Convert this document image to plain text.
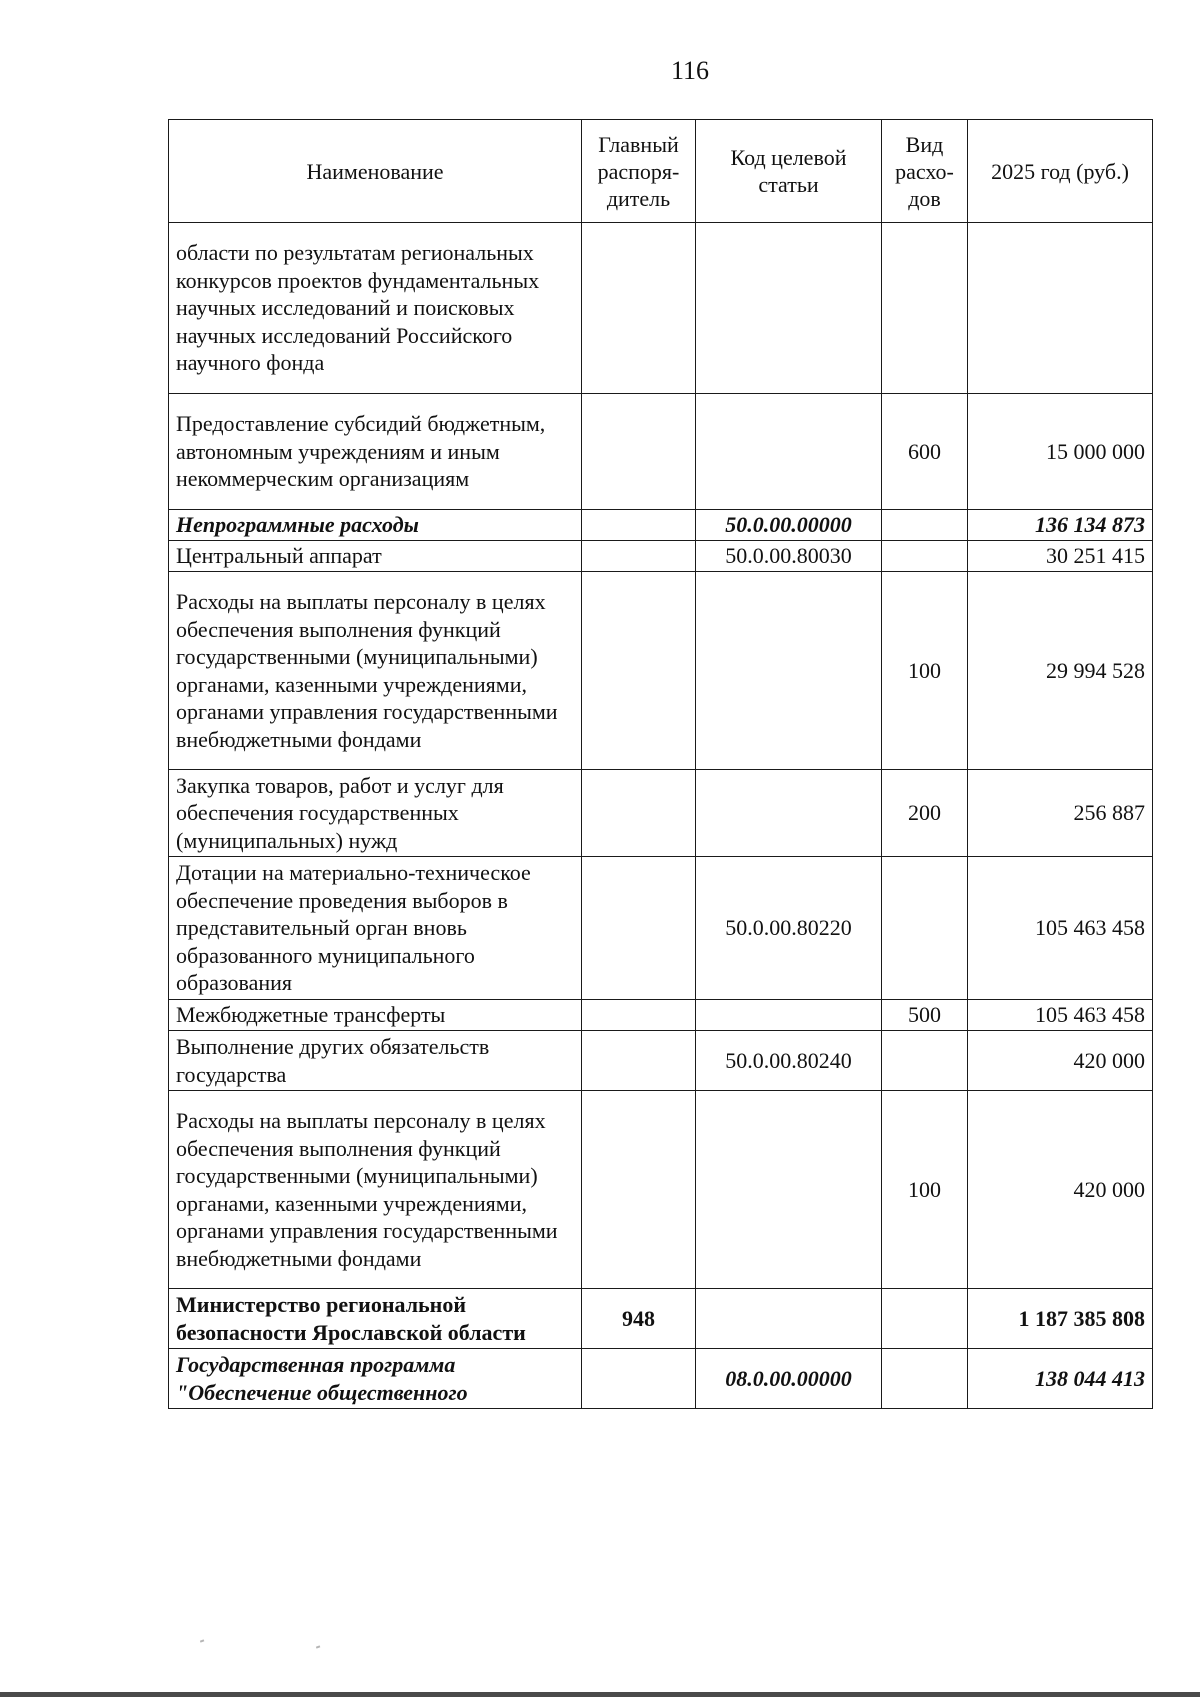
116
Наименование	Главный распоря-дитель	Код целевой статьи	Вид расхо-дов	2025 год (руб.)
области по результатам региональных конкурсов проектов фундаментальных научных исследований и поисковых научных исследований Российского научного фонда				
Предоставление субсидий бюджетным, автономным учреждениям и иным некоммерческим организациям			600	15 000 000
Непрограммные расходы		50.0.00.00000		136 134 873
Центральный аппарат		50.0.00.80030		30 251 415
Расходы на выплаты персоналу в целях обеспечения выполнения функций государственными (муниципальными) органами, казенными учреждениями, органами управления государственными внебюджетными фондами			100	29 994 528
Закупка товаров, работ и услуг для обеспечения государственных (муниципальных) нужд			200	256 887
Дотации на материально-техническое обеспечение проведения выборов в представительный орган вновь образованного муниципального образования		50.0.00.80220		105 463 458
Межбюджетные трансферты			500	105 463 458
Выполнение других обязательств государства		50.0.00.80240		420 000
Расходы на выплаты персоналу в целях обеспечения выполнения функций государственными (муниципальными) органами, казенными учреждениями, органами управления государственными внебюджетными фондами			100	420 000
Министерство региональной безопасности Ярославской области	948			1 187 385 808
Государственная программа "Обеспечение общественного		08.0.00.00000		138 044 413
